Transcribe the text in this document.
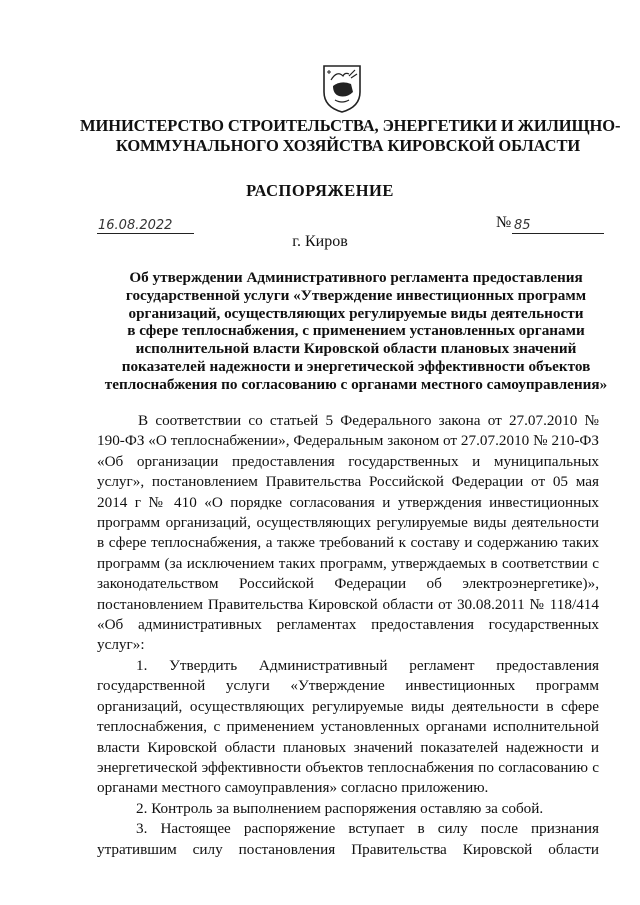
МИНИСТЕРСТВО СТРОИТЕЛЬСТВА, ЭНЕРГЕТИКИ И ЖИЛИЩНО-
КОММУНАЛЬНОГО ХОЗЯЙСТВА КИРОВСКОЙ ОБЛАСТИ
РАСПОРЯЖЕНИЕ
16.08.2022	№ 85
г. Киров
Об утверждении Административного регламента предоставления
государственной услуги «Утверждение инвестиционных программ
организаций, осуществляющих регулируемые виды деятельности
в сфере теплоснабжения, с применением установленных органами
исполнительной власти Кировской области плановых значений
показателей надежности и энергетической эффективности объектов
теплоснабжения по согласованию с органами местного самоуправления»

В соответствии со статьей 5 Федерального закона от 27.07.2010 № 190-ФЗ «О теплоснабжении», Федеральным законом от 27.07.2010 № 210-ФЗ «Об организации предоставления государственных и муниципальных услуг», постановлением Правительства Российской Федерации от 05 мая 2014 г № 410 «О порядке согласования и утверждения инвестиционных программ организаций, осуществляющих регулируемые виды деятельности в сфере теплоснабжения, а также требований к составу и содержанию таких программ (за исключением таких программ, утверждаемых в соответствии с законодательством Российской Федерации об электроэнергетике)», постановлением Правительства Кировской области от 30.08.2011 № 118/414 «Об административных регламентах предоставления государственных услуг»:

1. Утвердить Административный регламент предоставления государственной услуги «Утверждение инвестиционных программ организаций, осуществляющих регулируемые виды деятельности в сфере теплоснабжения, с применением установленных органами исполнительной власти Кировской области плановых значений показателей надежности и энергетической эффективности объектов теплоснабжения по согласованию с органами местного самоуправления» согласно приложению.

2. Контроль за выполнением распоряжения оставляю за собой.

3. Настоящее распоряжение вступает в силу после признания утратившим силу постановления Правительства Кировской области
